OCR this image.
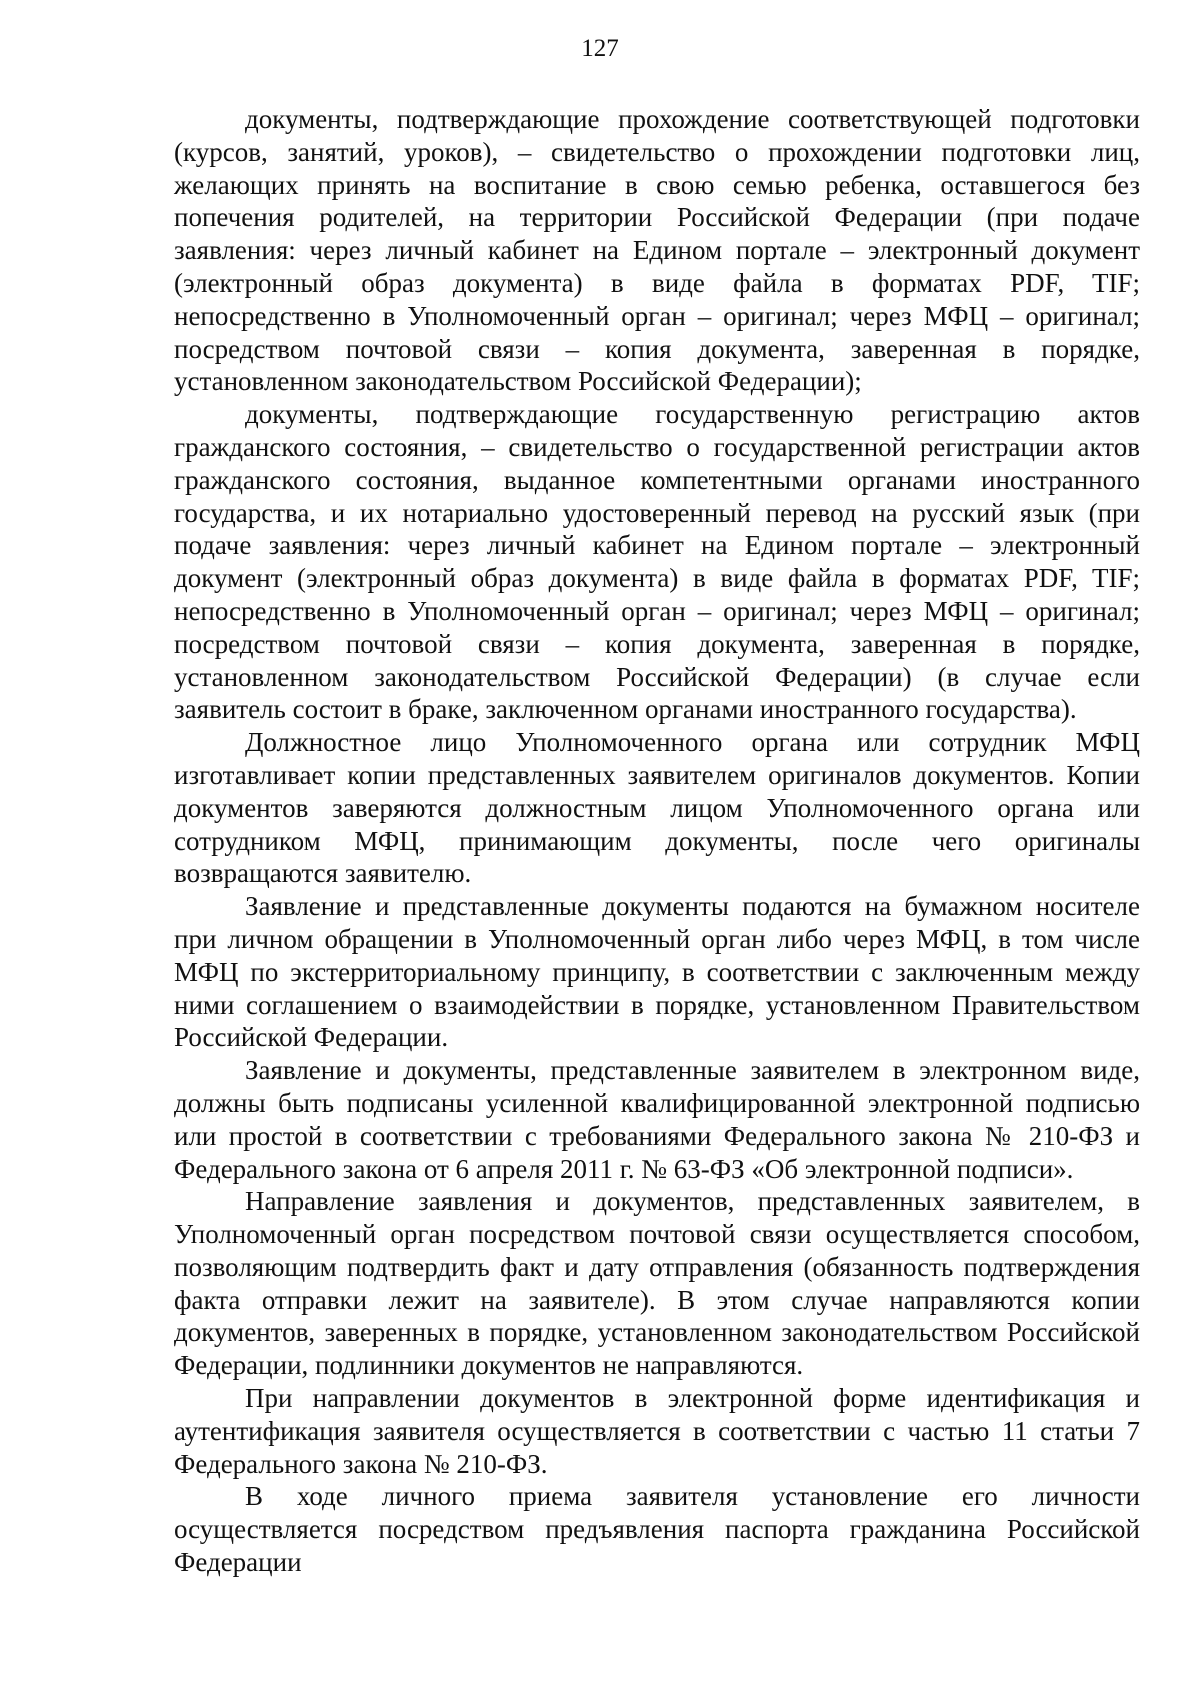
127

документы, подтверждающие прохождение соответствующей подготовки (курсов, занятий, уроков), – свидетельство о прохождении подготовки лиц, желающих принять на воспитание в свою семью ребенка, оставшегося без попечения родителей, на территории Российской Федерации (при подаче заявления: через личный кабинет на Едином портале – электронный документ (электронный образ документа) в виде файла в форматах PDF, TIF; непосредственно в Уполномоченный орган – оригинал; через МФЦ – оригинал; посредством почтовой связи – копия документа, заверенная в порядке, установленном законодательством Российской Федерации);

документы, подтверждающие государственную регистрацию актов гражданского состояния, – свидетельство о государственной регистрации актов гражданского состояния, выданное компетентными органами иностранного государства, и их нотариально удостоверенный перевод на русский язык (при подаче заявления: через личный кабинет на Едином портале – электронный документ (электронный образ документа) в виде файла в форматах PDF, TIF; непосредственно в Уполномоченный орган – оригинал; через МФЦ – оригинал; посредством почтовой связи – копия документа, заверенная в порядке, установленном законодательством Российской Федерации) (в случае если заявитель состоит в браке, заключенном органами иностранного государства).

Должностное лицо Уполномоченного органа или сотрудник МФЦ изготавливает копии представленных заявителем оригиналов документов. Копии документов заверяются должностным лицом Уполномоченного органа или сотрудником МФЦ, принимающим документы, после чего оригиналы возвращаются заявителю.

Заявление и представленные документы подаются на бумажном носителе при личном обращении в Уполномоченный орган либо через МФЦ, в том числе МФЦ по экстерриториальному принципу, в соответствии с заключенным между ними соглашением о взаимодействии в порядке, установленном Правительством Российской Федерации.

Заявление и документы, представленные заявителем в электронном виде, должны быть подписаны усиленной квалифицированной электронной подписью или простой в соответствии с требованиями Федерального закона № 210-ФЗ и Федерального закона от 6 апреля 2011 г. № 63-ФЗ «Об электронной подписи».

Направление заявления и документов, представленных заявителем, в Уполномоченный орган посредством почтовой связи осуществляется способом, позволяющим подтвердить факт и дату отправления (обязанность подтверждения факта отправки лежит на заявителе). В этом случае направляются копии документов, заверенных в порядке, установленном законодательством Российской Федерации, подлинники документов не направляются.

При направлении документов в электронной форме идентификация и аутентификация заявителя осуществляется в соответствии с частью 11 статьи 7 Федерального закона № 210-ФЗ.

В ходе личного приема заявителя установление его личности осуществляется посредством предъявления паспорта гражданина Российской Федерации
